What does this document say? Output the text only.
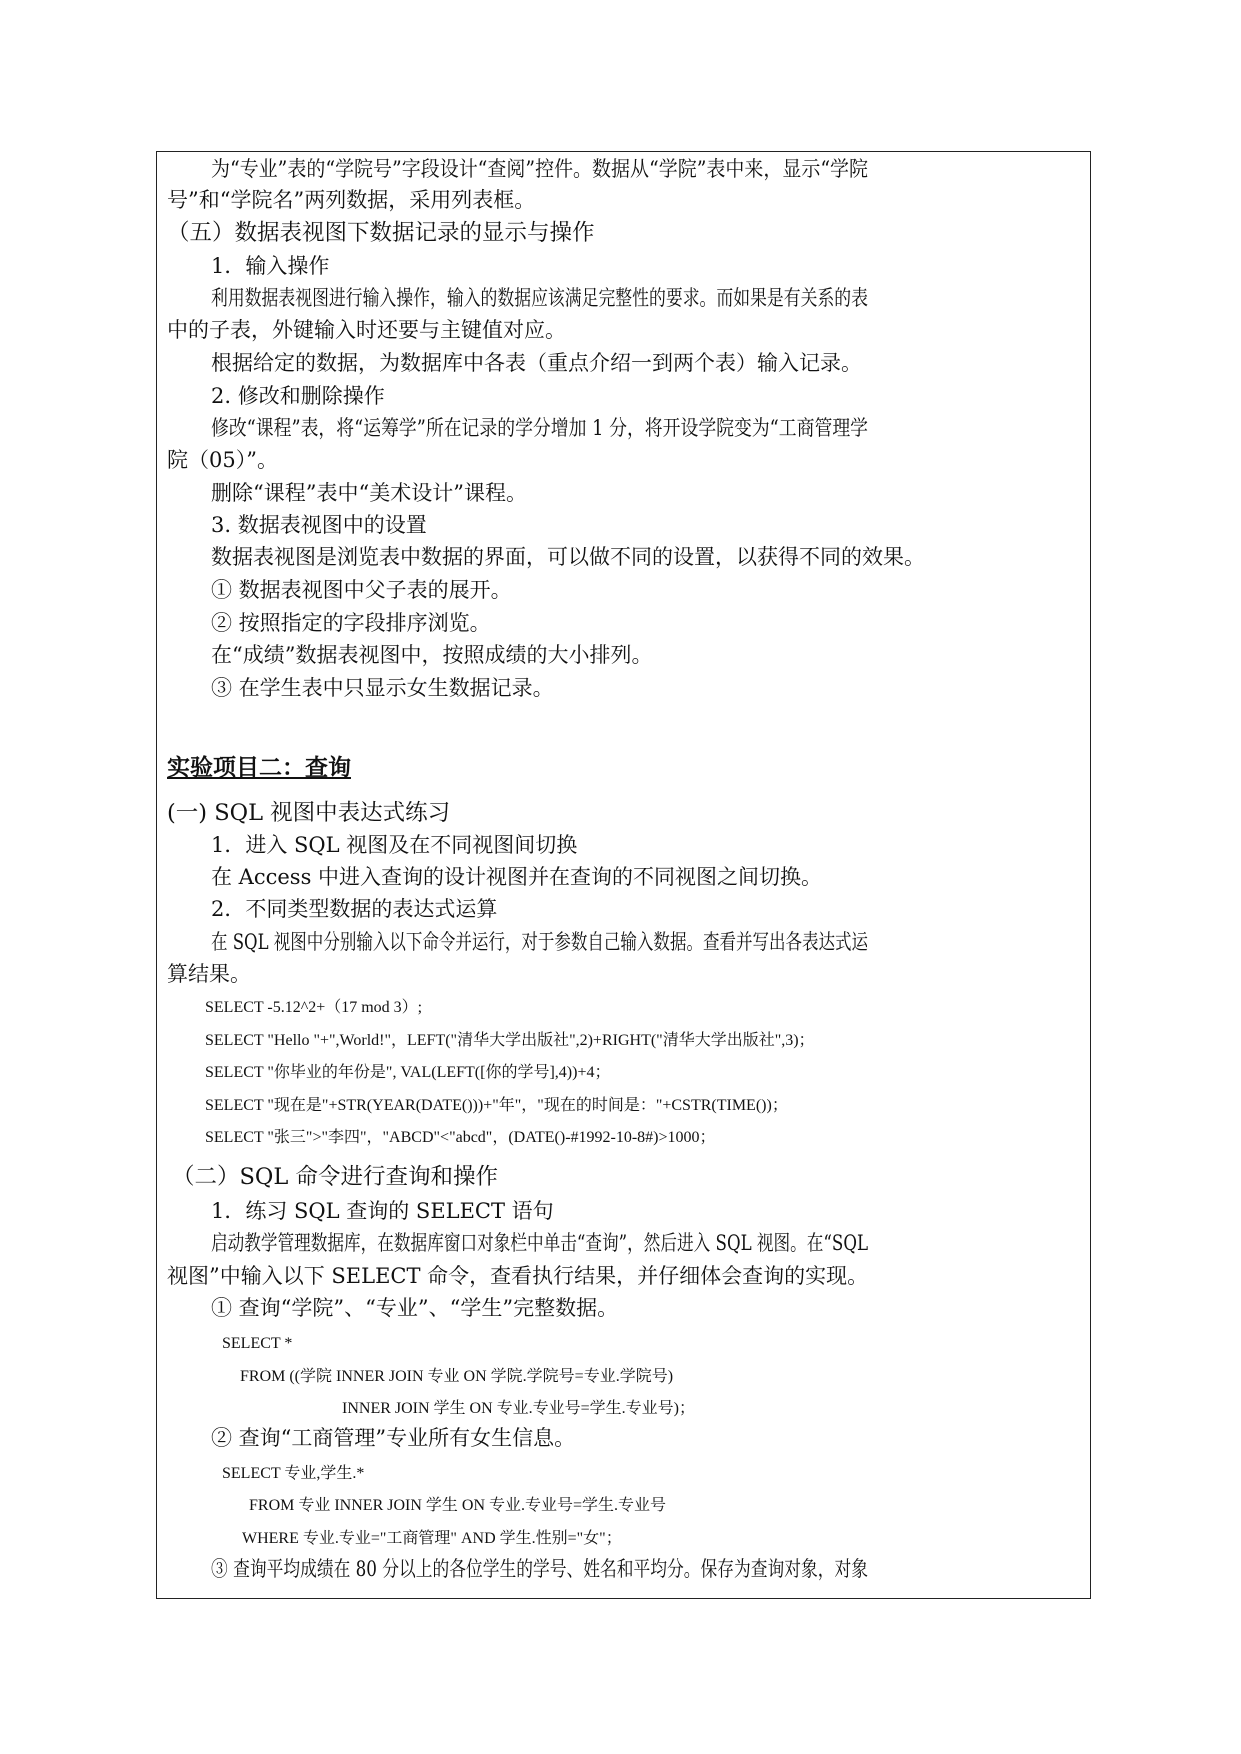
为“专业”表的“学院号”字段设计“查阅”控件。数据从“学院”表中来，显示“学院
号”和“学院名”两列数据，采用列表框。
（五）数据表视图下数据记录的显示与操作
1．输入操作
利用数据表视图进行输入操作，输入的数据应该满足完整性的要求。而如果是有关系的表
中的子表，外键输入时还要与主键值对应。
根据给定的数据，为数据库中各表（重点介绍一到两个表）输入记录。
2. 修改和删除操作
修改“课程”表，将“运筹学”所在记录的学分增加 1 分，将开设学院变为“工商管理学
院（05）”。
删除“课程”表中“美术设计”课程。
3. 数据表视图中的设置
数据表视图是浏览表中数据的界面，可以做不同的设置，以获得不同的效果。
① 数据表视图中父子表的展开。
② 按照指定的字段排序浏览。
在“成绩”数据表视图中，按照成绩的大小排列。
③ 在学生表中只显示女生数据记录。
实验项目二：查询
(一) SQL 视图中表达式练习
1．进入 SQL 视图及在不同视图间切换
在 Access 中进入查询的设计视图并在查询的不同视图之间切换。
2．不同类型数据的表达式运算
在 SQL 视图中分别输入以下命令并运行，对于参数自己输入数据。查看并写出各表达式运
算结果。
SELECT -5.12^2+（17 mod 3）;
SELECT "Hello "+",World!"，LEFT("清华大学出版社",2)+RIGHT("清华大学出版社",3)；
SELECT "你毕业的年份是", VAL(LEFT([你的学号],4))+4；
SELECT "现在是"+STR(YEAR(DATE()))+"年"，"现在的时间是："+CSTR(TIME())；
SELECT "张三">"李四"，"ABCD"<"abcd"，(DATE()-#1992-10-8#)>1000；
（二）SQL 命令进行查询和操作
1．练习 SQL 查询的 SELECT 语句
启动教学管理数据库，在数据库窗口对象栏中单击“查询”，然后进入 SQL 视图。在“SQL
视图”中输入以下 SELECT 命令，查看执行结果，并仔细体会查询的实现。
① 查询“学院”、“专业”、“学生”完整数据。
SELECT *
FROM ((学院 INNER JOIN 专业 ON 学院.学院号=专业.学院号)
INNER JOIN 学生 ON 专业.专业号=学生.专业号)；
② 查询“工商管理”专业所有女生信息。
SELECT 专业,学生.*
FROM 专业 INNER JOIN 学生 ON 专业.专业号=学生.专业号
WHERE 专业.专业="工商管理" AND 学生.性别="女"；
③ 查询平均成绩在 80 分以上的各位学生的学号、姓名和平均分。保存为查询对象，对象
